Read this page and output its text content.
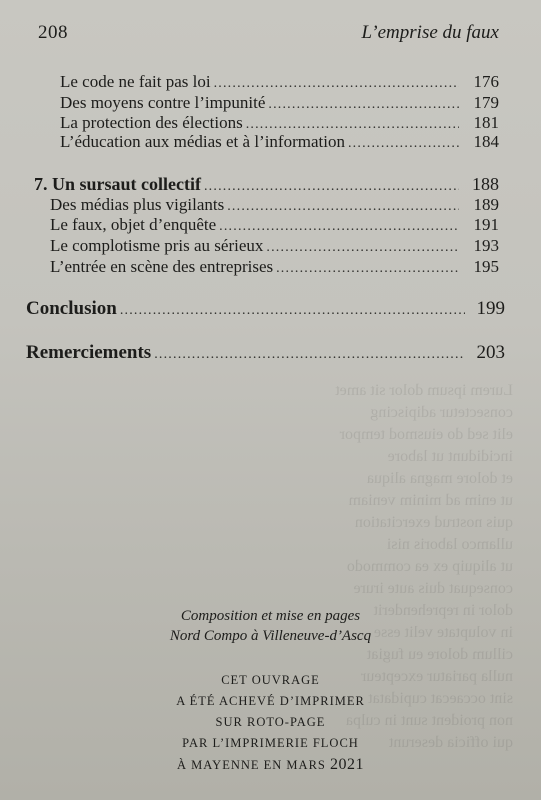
Lurem ipsum dolor sit amet
consectetur adipiscing
elit sed do eiusmod tempor
incididunt ut labore
et dolore magna aliqua
ut enim ad minim veniam
quis nostrud exercitation
ullamco laboris nisi
ut aliquip ex ea commodo
consequat duis aute irure
dolor in reprehenderit
in voluptate velit esse
cillum dolore eu fugiat
nulla pariatur excepteur
sint occaecat cupidatat
non proident sunt in culpa
qui officia deserunt
208	L’emprise du faux
Le code ne fait pas loi .....	176
Des moyens contre l’impunité .....	179
La protection des élections .....	181
L’éducation aux médias et à l’information .....	184
7. Un sursaut collectif .....	188
Des médias plus vigilants .....	189
Le faux, objet d’enquête .....	191
Le complotisme pris au sérieux .....	193
L’entrée en scène des entreprises .....	195
Conclusion .....	199
Remerciements .....	203
Composition et mise en pages
Nord Compo à Villeneuve-d’Ascq
CET OUVRAGE
A ÉTÉ ACHEVÉ D’IMPRIMER
SUR ROTO-PAGE
PAR L’IMPRIMERIE FLOCH
À MAYENNE EN MARS 2021
